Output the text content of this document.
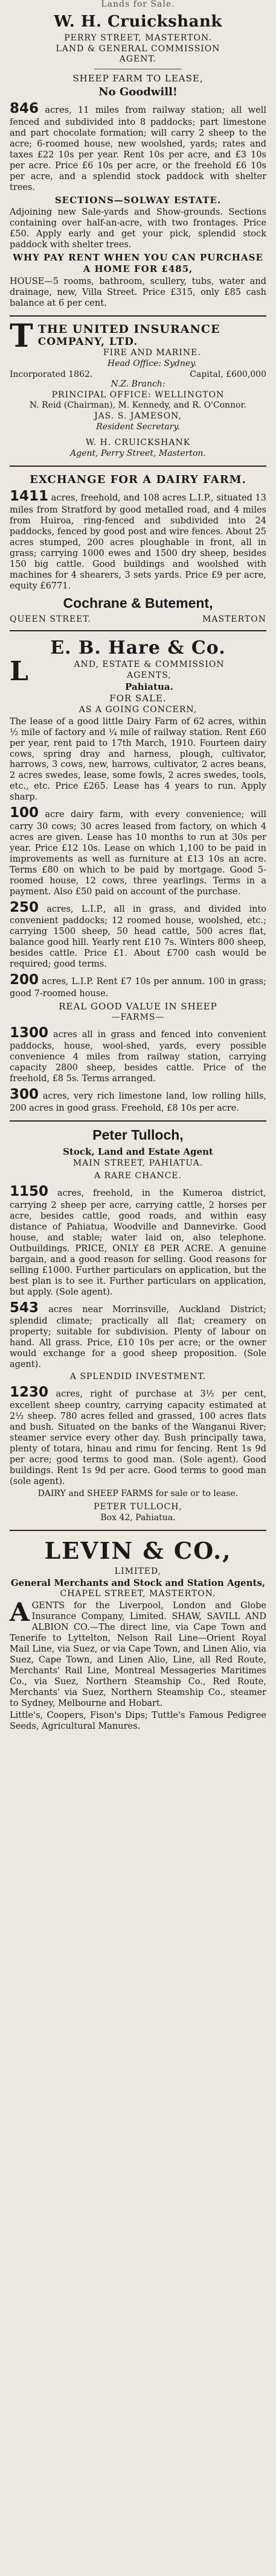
Lands for Sale.
W. H. Cruickshank
PERRY STREET, MASTERTON.
LAND & GENERAL COMMISSION
AGENT.
SHEEP FARM TO LEASE,
No Goodwill!

846 acres, 11 miles from railway station; all well fenced and subdivided into 8 paddocks; part limestone and part chocolate formation; will carry 2 sheep to the acre; 6-roomed house, new woolshed, yards; rates and taxes £22 10s per year. Rent 10s per acre, and £3 10s per acre. Price £6 10s per acre, or the freehold £6 10s per acre, and a splendid stock paddock with shelter trees.

SECTIONS—SOLWAY ESTATE.

Adjoining new Sale-yards and Show-grounds. Sections containing over half-an-acre, with two frontages. Price £50. Apply early and get your pick, splendid stock paddock with shelter trees.

WHY PAY RENT WHEN YOU CAN PURCHASE A HOME FOR £485,

HOUSE—5 rooms, bathroom, scullery, tubs, water and drainage, new, Villa Street. Price £315, only £85 cash balance at 6 per cent.

T THE UNITED INSURANCE
COMPANY, LTD.
FIRE AND MARINE.
Head Office: Sydney.
Incorporated 1862.	Capital, £600,000
N.Z. Branch:
PRINCIPAL OFFICE: WELLINGTON
N. Reid (Chairman), M. Kennedy, and R. O'Connor.
JAS. S. JAMESON,
Resident Secretary.
W. H. CRUICKSHANK
Agent, Perry Street, Masterton.
EXCHANGE FOR A DAIRY FARM.

1411 acres, freehold, and 108 acres L.I.P., situated 13 miles from Stratford by good metalled road, and 4 miles from Huiroa, ring-fenced and subdivided into 24 paddocks, fenced by good post and wire fences. About 25 acres stumped, 200 acres ploughable in front, all in grass; carrying 1000 ewes and 1500 dry sheep, besides 150 big cattle. Good buildings and woolshed with machines for 4 shearers, 3 sets yards. Price £9 per acre, equity £6771.

Cochrane & Butement,
QUEEN STREET.	MASTERTON
E. B. Hare & Co.
L	AND, ESTATE & COMMISSION
AGENTS,
Pahiatua.
FOR SALE.
AS A GOING CONCERN,

The lease of a good little Dairy Farm of 62 acres, within ½ mile of factory and ¼ mile of railway station. Rent £60 per year, rent paid to 17th March, 1910. Fourteen dairy cows, spring dray and harness, plough, cultivator, harrows, 3 cows, new, harrows, cultivator, 2 acres beans, 2 acres swedes, lease, some fowls, 2 acres swedes, tools, etc., etc. Price £265. Lease has 4 years to run. Apply sharp.

100 acre dairy farm, with every convenience; will carry 30 cows; 30 acres leased from factory, on which 4 acres are given. Lease has 10 months to run at 30s per year. Price £12 10s. Lease on which 1,100 to be paid in improvements as well as furniture at £13 10s an acre. Terms £80 on which to be paid by mortgage. Good 5-roomed house, 12 cows, three yearlings. Terms in a payment. Also £50 paid on account of the purchase.

250 acres, L.I.P., all in grass, and divided into convenient paddocks; 12 roomed house, woolshed, etc.; carrying 1500 sheep, 50 head cattle, 500 acres flat, balance good hill. Yearly rent £10 7s. Winters 800 sheep, besides cattle. Price £1. About £700 cash would be required; good terms.

200 acres, L.I.P. Rent £7 10s per annum. 100 in grass; good 7-roomed house.

REAL GOOD VALUE IN SHEEP
—FARMS—

1300 acres all in grass and fenced into convenient paddocks, house, wool-shed, yards, every possible convenience 4 miles from railway station, carrying capacity 2800 sheep, besides cattle. Price of the freehold, £8 5s. Terms arranged.

300 acres, very rich limestone land, low rolling hills, 200 acres in good grass. Freehold, £8 10s per acre.

Peter Tulloch,
Stock, Land and Estate Agent
MAIN STREET, PAHIATUA.
A RARE CHANCE.

1150 acres, freehold, in the Kumeroa district, carrying 2 sheep per acre, carrying cattle, 2 horses per acre, besides cattle, good roads, and within easy distance of Pahiatua, Woodville and Dannevirke. Good house, and stable; water laid on, also telephone. Outbuildings. PRICE, ONLY £8 PER ACRE. A genuine bargain, and a good reason for selling. Good reasons for selling £1000. Further particulars on application, but the best plan is to see it. Further particulars on application, but apply. (Sole agent).

543 acres near Morrinsville, Auckland District; splendid climate; practically all flat; creamery on property; suitable for subdivision. Plenty of labour on hand. All grass. Price, £10 10s per acre; or the owner would exchange for a good sheep proposition. (Sole agent).

A SPLENDID INVESTMENT.

1230 acres, right of purchase at 3½ per cent, excellent sheep country, carrying capacity estimated at 2½ sheep. 780 acres felled and grassed, 100 acres flats and bush. Situated on the banks of the Wanganui River; steamer service every other day. Bush principally tawa, plenty of totara, hinau and rimu for fencing. Rent 1s 9d per acre; good terms to good man. (Sole agent). Good buildings. Rent 1s 9d per acre. Good terms to good man (sole agent).

DAIRY and SHEEP FARMS for sale or to lease.
PETER TULLOCH,
Box 42, Pahiatua.
LEVIN & CO.,
LIMITED,
General Merchants and Stock and Station Agents,
CHAPEL STREET, MASTERTON.

AGENTS for the Liverpool, London and Globe Insurance Company, Limited. SHAW, SAVILL AND ALBION CO.—The direct line, via Cape Town and Tenerife to Lyttelton, Nelson Rail Line—Orient Royal Mail Line, via Suez, or via Cape Town, and Linen Alio, via Suez, Cape Town, and Linen Alio, Line, all Red Route, Merchants' Rail Line, Montreal Messageries Maritimes Co., via Suez, Northern Steamship Co., Red Route, Merchants' via Suez, Northern Steamship Co., steamer to Sydney, Melbourne and Hobart.

Little's, Coopers, Fison's Dips; Tuttle's Famous Pedigree Seeds, Agricultural Manures.
